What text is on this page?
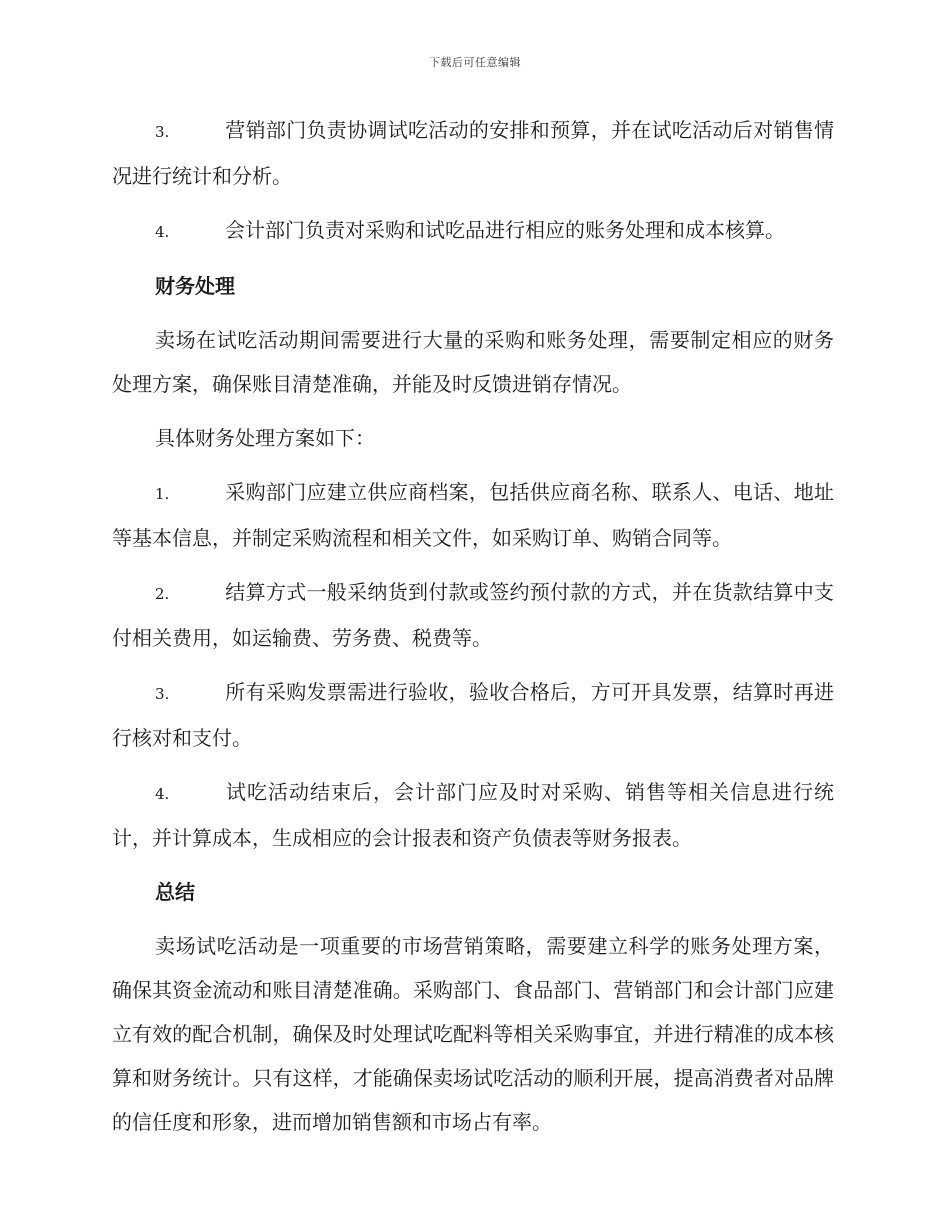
下载后可任意编辑

3.	营销部门负责协调试吃活动的安排和预算，并在试吃活动后对销售情况进行统计和分析。

4.	会计部门负责对采购和试吃品进行相应的账务处理和成本核算。

财务处理

卖场在试吃活动期间需要进行大量的采购和账务处理，需要制定相应的财务处理方案，确保账目清楚准确，并能及时反馈进销存情况。

具体财务处理方案如下：

1.	采购部门应建立供应商档案，包括供应商名称、联系人、电话、地址等基本信息，并制定采购流程和相关文件，如采购订单、购销合同等。

2.	结算方式一般采纳货到付款或签约预付款的方式，并在货款结算中支付相关费用，如运输费、劳务费、税费等。

3.	所有采购发票需进行验收，验收合格后，方可开具发票，结算时再进行核对和支付。

4.	试吃活动结束后，会计部门应及时对采购、销售等相关信息进行统计，并计算成本，生成相应的会计报表和资产负债表等财务报表。

总结

卖场试吃活动是一项重要的市场营销策略，需要建立科学的账务处理方案，确保其资金流动和账目清楚准确。采购部门、食品部门、营销部门和会计部门应建立有效的配合机制，确保及时处理试吃配料等相关采购事宜，并进行精准的成本核算和财务统计。只有这样，才能确保卖场试吃活动的顺利开展，提高消费者对品牌的信任度和形象，进而增加销售额和市场占有率。
